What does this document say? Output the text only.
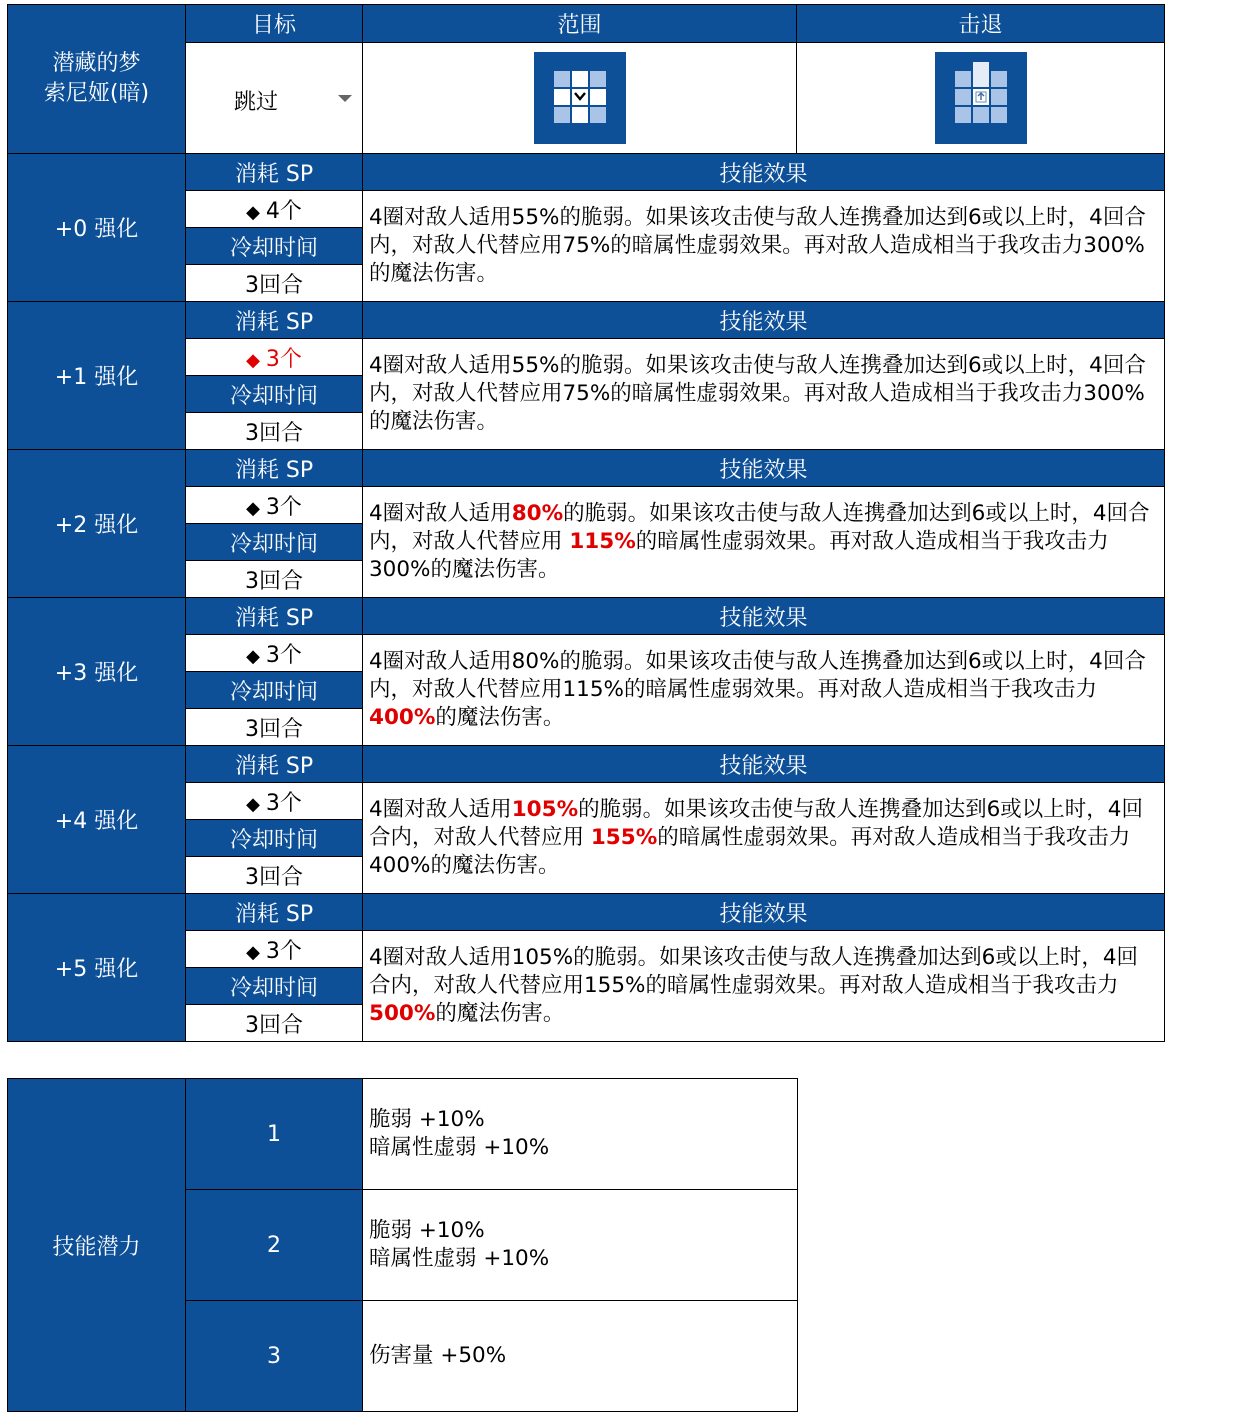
潜藏的梦
索尼娅(暗)	目标	范围	击退

	跳过

+0 强化	消耗 SP	技能效果	
	◆ 4个	4圈对敌人适用55%的脆弱。如果该攻击使与敌人连携叠加达到6或以上时，4回合内，对敌人代替应用75%的暗属性虚弱效果。再对敌人造成相当于我攻击力300%的魔法伤害。	
	冷却时间		
	3回合		
+1 强化	消耗 SP	技能效果	
	◆ 3个	4圈对敌人适用55%的脆弱。如果该攻击使与敌人连携叠加达到6或以上时，4回合内，对敌人代替应用75%的暗属性虚弱效果。再对敌人造成相当于我攻击力300%的魔法伤害。	
	冷却时间		
	3回合		
+2 强化	消耗 SP	技能效果	
	◆ 3个	4圈对敌人适用80%的脆弱。如果该攻击使与敌人连携叠加达到6或以上时，4回合内，对敌人代替应用 115%的暗属性虚弱效果。再对敌人造成相当于我攻击力300%的魔法伤害。	
	冷却时间		
	3回合		
+3 强化	消耗 SP	技能效果	
	◆ 3个	4圈对敌人适用80%的脆弱。如果该攻击使与敌人连携叠加达到6或以上时，4回合内，对敌人代替应用115%的暗属性虚弱效果。再对敌人造成相当于我攻击力400%的魔法伤害。	
	冷却时间		
	3回合		
+4 强化	消耗 SP	技能效果	
	◆ 3个	4圈对敌人适用105%的脆弱。如果该攻击使与敌人连携叠加达到6或以上时，4回合内，对敌人代替应用 155%的暗属性虚弱效果。再对敌人造成相当于我攻击力400%的魔法伤害。	
	冷却时间		
	3回合		
+5 强化	消耗 SP	技能效果	
	◆ 3个	4圈对敌人适用105%的脆弱。如果该攻击使与敌人连携叠加达到6或以上时，4回合内，对敌人代替应用155%的暗属性虚弱效果。再对敌人造成相当于我攻击力500%的魔法伤害。	
	冷却时间		
	3回合		
技能潜力	1	脆弱 +10%
暗属性虚弱 +10%

	2	脆弱 +10%
暗属性虚弱 +10%

	3	伤害量 +50%
